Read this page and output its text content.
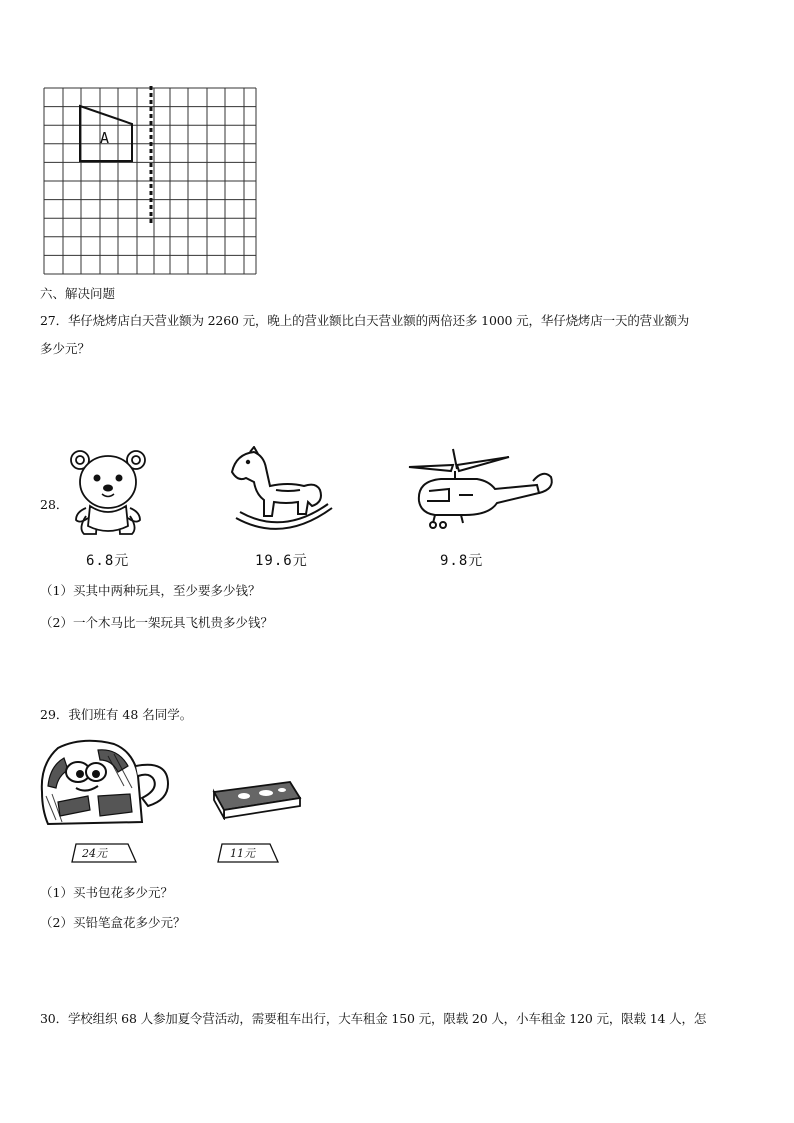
A
六、解决问题
27．华仔烧烤店白天营业额为 2260 元，晚上的营业额比白天营业额的两倍还多 1000 元，华仔烧烤店一天的营业额为
多少元？
28．
6.8元	19.6元	9.8元
（1）买其中两种玩具，至少要多少钱？
（2）一个木马比一架玩具飞机贵多少钱？
29．我们班有 48 名同学。
24元	11元
（1）买书包花多少元？
（2）买铅笔盒花多少元？
30．学校组织 68 人参加夏令营活动，需要租车出行，大车租金 150 元，限载 20 人，小车租金 120 元，限载 14 人，怎
